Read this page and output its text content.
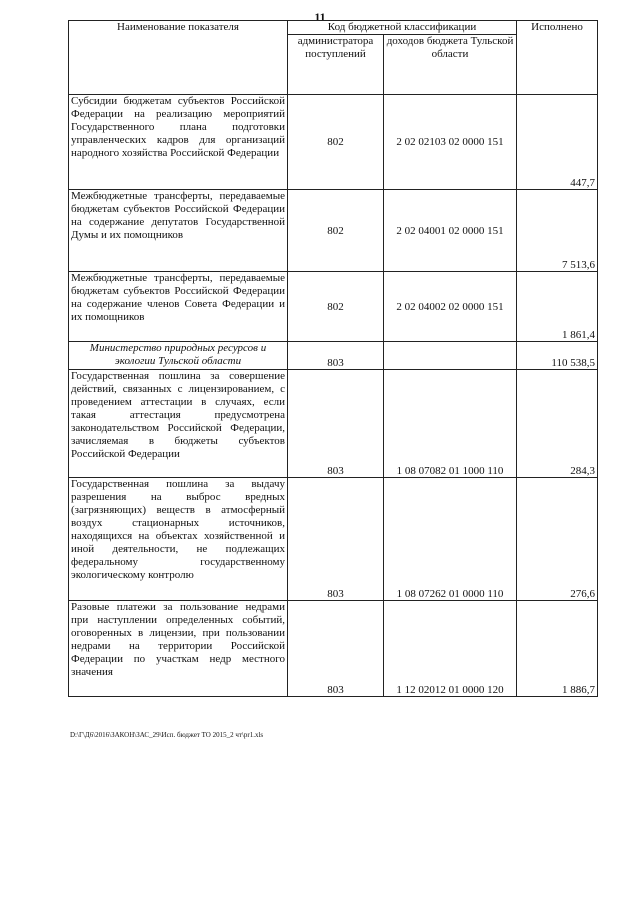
11
Наименование показателя	Код бюджетной классификации		Исполнено
	администратора поступлений	доходов бюджета Тульской области	
Субсидии бюджетам субъектов Российской Федерации на реализацию мероприятий Государственного плана подготовки управленческих кадров для организаций народного хозяйства Российской Федерации	802	2 02 02103 02 0000 151	447,7
Межбюджетные трансферты, передаваемые бюджетам субъектов Российской Федерации на содержание депутатов Государственной Думы и их помощников	802	2 02 04001 02 0000 151	7 513,6
Межбюджетные трансферты, передаваемые бюджетам субъектов Российской Федерации на содержание членов Совета Федерации и их помощников	802	2 02 04002 02 0000 151	1 861,4
Министерство природных ресурсов и экологии Тульской области	803		110 538,5
Государственная пошлина за совершение действий, связанных с лицензированием, с проведением аттестации в случаях, если такая аттестация предусмотрена законодательством Российской Федерации, зачисляемая в бюджеты субъектов Российской Федерации	803	1 08 07082 01 1000 110	284,3
Государственная пошлина за выдачу разрешения на выброс вредных (загрязняющих) веществ в атмосферный воздух стационарных источников, находящихся на объектах хозяйственной и иной деятельности, не подлежащих федеральному государственному экологическому контролю	803	1 08 07262 01 0000 110	276,6
Разовые платежи за пользование недрами при наступлении определенных событий, оговоренных в лицензии, при пользовании недрами на территории Российской Федерации по участкам недр местного значения	803	1 12 02012 01 0000 120	1 886,7
D:\Г\Д6\2016\ЗАКОН\ЗАС_29\Исп. бюджет ТО 2015_2 чт\pr1.xls
